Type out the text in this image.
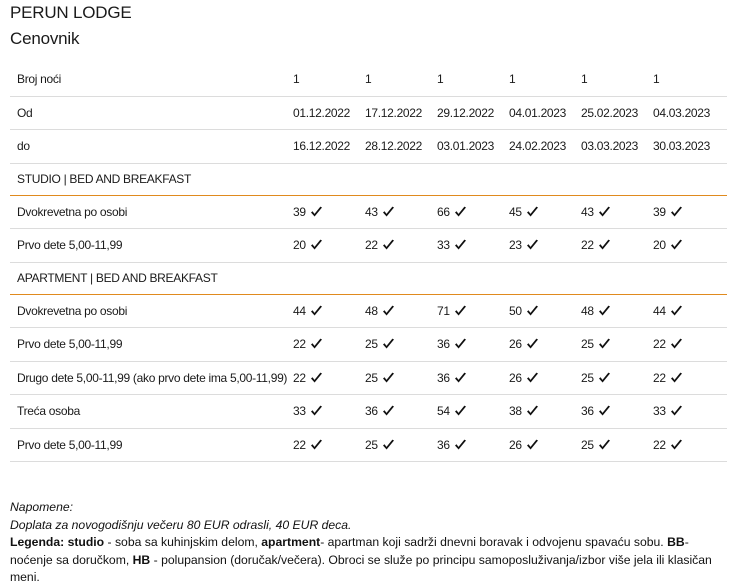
PERUN LODGE
Cenovnik
Broj noći	1	1	1	1	1	1
Od	01.12.2022	17.12.2022	29.12.2022	04.01.2023	25.02.2023	04.03.2023
do	16.12.2022	28.12.2022	03.01.2023	24.02.2023	03.03.2023	30.03.2023
STUDIO | BED AND BREAKFAST						
Dvokrevetna po osobi	39	43	66	45	43	39
Prvo dete 5,00-11,99	20	22	33	23	22	20
APARTMENT | BED AND BREAKFAST						
Dvokrevetna po osobi	44	48	71	50	48	44
Prvo dete 5,00-11,99	22	25	36	26	25	22
Drugo dete 5,00-11,99 (ako prvo dete ima 5,00-11,99)	22	25	36	26	25	22
Treća osoba	33	36	54	38	36	33
Prvo dete 5,00-11,99	22	25	36	26	25	22
Napomene:
Doplata za novogodišnju večeru 80 EUR odrasli, 40 EUR deca.
Legenda: studio - soba sa kuhinjskim delom, apartment- apartman koji sadrži dnevni boravak i odvojenu spavaću sobu. BB- noćenje sa doručkom, HB - polupansion (doručak/večera). Obroci se služe po principu samoposluživanja/izbor više jela ili klasičan meni.
